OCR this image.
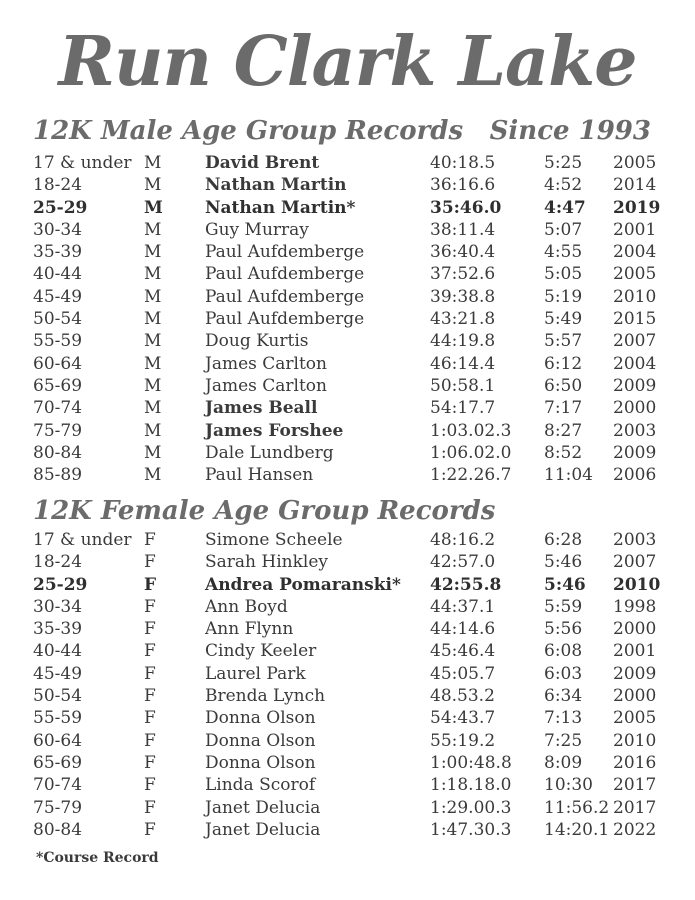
Run Clark Lake
12K Male Age Group Records Since 1993
17 & under M	David Brent	40:18.5	5:25 2005
18-24	M	Nathan Martin	36:16.6	4:52 2014
25-29	M Nathan Martin*	35:46.0	4:47 2019
30-34	M	Guy Murray	38:11.4	5:07 2001
35-39	M	Paul Aufdemberge	36:40.4	4:55 2004
40-44	M	Paul Aufdemberge	37:52.6	5:05 2005
45-49	M	Paul Aufdemberge	39:38.8	5:19 2010
50-54	M	Paul Aufdemberge	43:21.8	5:49 2015
55-59	M	Doug Kurtis	44:19.8	5:57 2007
60-64	M	James Carlton	46:14.4	6:12 2004
65-69	M	James Carlton	50:58.1	6:50 2009
70-74	M	James Beall	54:17.7	7:17 2000
75-79	M	James Forshee	1:03.02.3 8:27 2003
80-84	M	Dale Lundberg	1:06.02.0 8:52 2009
85-89	M	Paul Hansen	1:22.26.7 11:04 2006
12K Female Age Group Records
17 & under F	Simone Scheele	48:16.2	6:28 2003
18-24	F	Sarah Hinkley	42:57.0	5:46 2007
25-29	F	Andrea Pomaranski* 42:55.8	5:46 2010
30-34	F	Ann Boyd	44:37.1	5:59 1998
35-39	F	Ann Flynn	44:14.6	5:56 2000
40-44	F	Cindy Keeler	45:46.4	6:08 2001
45-49	F	Laurel Park	45:05.7	6:03 2009
50-54	F	Brenda Lynch	48.53.2	6:34 2000
55-59	F	Donna Olson	54:43.7	7:13 2005
60-64	F	Donna Olson	55:19.2	7:25 2010
65-69	F	Donna Olson	1:00:48.8 8:09 2016
70-74	F	Linda Scorof	1:18.18.0 10:30 2017
75-79	F	Janet Delucia	1:29.00.3 11:56.2 2017
80-84	F	Janet Delucia	1:47.30.3 14:20.1 2022
*Course Record
